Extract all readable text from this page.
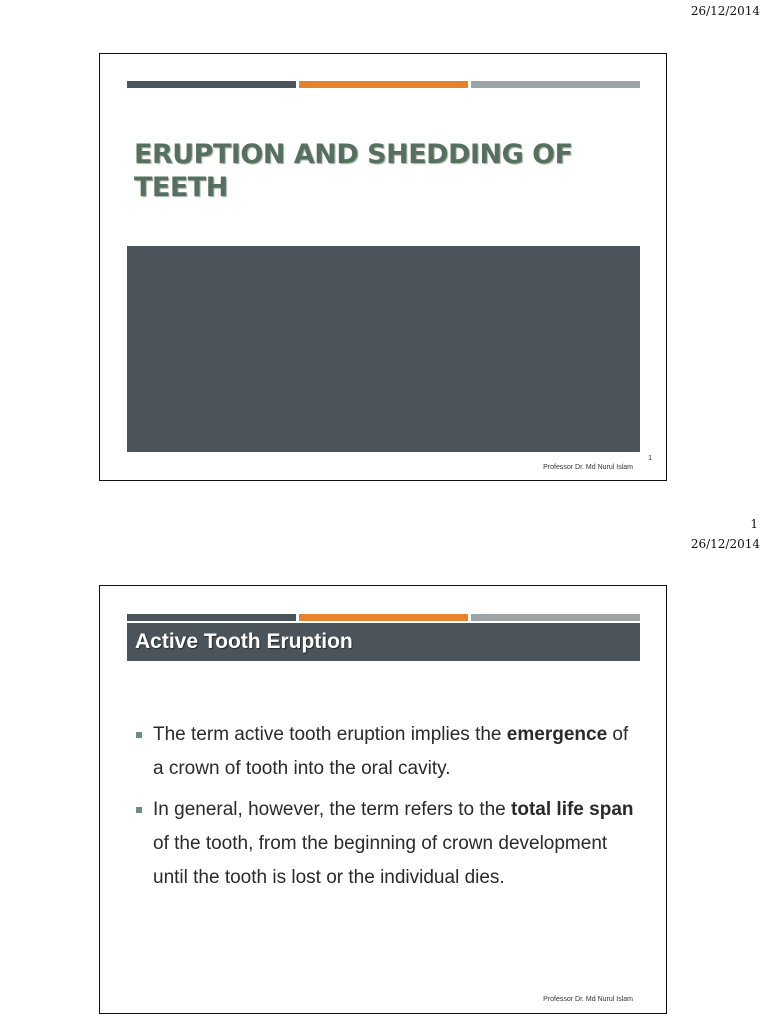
26/12/2014
ERUPTION AND SHEDDING OF TEETH
1
Professor Dr. Md Nurul Islam
1
26/12/2014
Active Tooth Eruption
The term active tooth eruption implies the emergence of a crown of tooth into the oral cavity.
In general, however, the term refers to the total life span of the tooth, from the beginning of crown development until the tooth is lost or the individual dies.
Professor Dr. Md Nurul Islam
